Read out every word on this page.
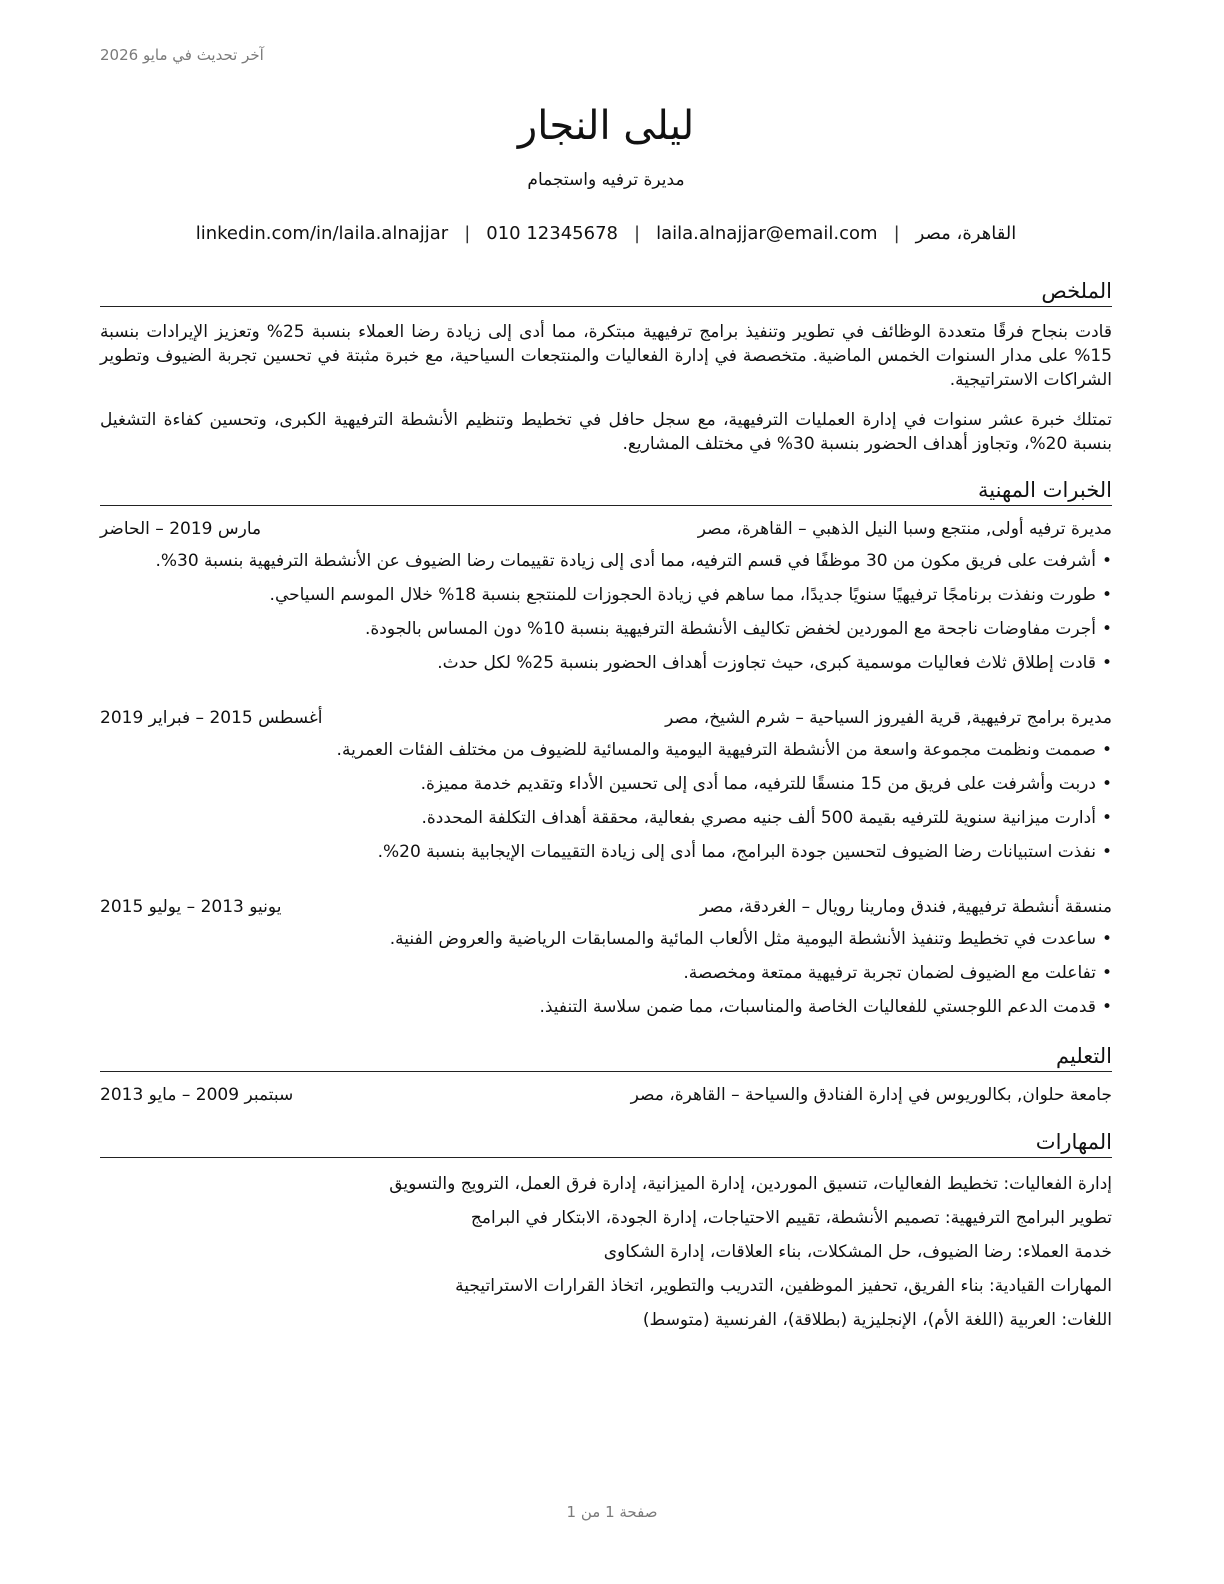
آخر تحديث في مايو 2026
ليلى النجار
مديرة ترفيه واستجمام
القاهرة، مصر|laila.alnajjar@email.com|010 12345678|linkedin.com/in/laila.alnajjar
الملخص
قادت بنجاح فرقًا متعددة الوظائف في تطوير وتنفيذ برامج ترفيهية مبتكرة، مما أدى إلى زيادة رضا العملاء بنسبة 25% وتعزيز الإيرادات بنسبة 15% على مدار السنوات الخمس الماضية. متخصصة في إدارة الفعاليات والمنتجعات السياحية، مع خبرة مثبتة في تحسين تجربة الضيوف وتطوير الشراكات الاستراتيجية.
تمتلك خبرة عشر سنوات في إدارة العمليات الترفيهية، مع سجل حافل في تخطيط وتنظيم الأنشطة الترفيهية الكبرى، وتحسين كفاءة التشغيل بنسبة 20%، وتجاوز أهداف الحضور بنسبة 30% في مختلف المشاريع.
الخبرات المهنية
مديرة ترفيه أولى, منتجع وسبا النيل الذهبي – القاهرة، مصر
مارس 2019 – الحاضر
•أشرفت على فريق مكون من 30 موظفًا في قسم الترفيه، مما أدى إلى زيادة تقييمات رضا الضيوف عن الأنشطة الترفيهية بنسبة 30%.
•طورت ونفذت برنامجًا ترفيهيًا سنويًا جديدًا، مما ساهم في زيادة الحجوزات للمنتجع بنسبة 18% خلال الموسم السياحي.
•أجرت مفاوضات ناجحة مع الموردين لخفض تكاليف الأنشطة الترفيهية بنسبة 10% دون المساس بالجودة.
•قادت إطلاق ثلاث فعاليات موسمية كبرى، حيث تجاوزت أهداف الحضور بنسبة 25% لكل حدث.
مديرة برامج ترفيهية, قرية الفيروز السياحية – شرم الشيخ، مصر
أغسطس 2015 – فبراير 2019
•صممت ونظمت مجموعة واسعة من الأنشطة الترفيهية اليومية والمسائية للضيوف من مختلف الفئات العمرية.
•دربت وأشرفت على فريق من 15 منسقًا للترفيه، مما أدى إلى تحسين الأداء وتقديم خدمة مميزة.
•أدارت ميزانية سنوية للترفيه بقيمة 500 ألف جنيه مصري بفعالية، محققة أهداف التكلفة المحددة.
•نفذت استبيانات رضا الضيوف لتحسين جودة البرامج، مما أدى إلى زيادة التقييمات الإيجابية بنسبة 20%.
منسقة أنشطة ترفيهية, فندق ومارينا رويال – الغردقة، مصر
يونيو 2013 – يوليو 2015
•ساعدت في تخطيط وتنفيذ الأنشطة اليومية مثل الألعاب المائية والمسابقات الرياضية والعروض الفنية.
•تفاعلت مع الضيوف لضمان تجربة ترفيهية ممتعة ومخصصة.
•قدمت الدعم اللوجستي للفعاليات الخاصة والمناسبات، مما ضمن سلاسة التنفيذ.
التعليم
جامعة حلوان, بكالوريوس في إدارة الفنادق والسياحة – القاهرة، مصر
سبتمبر 2009 – مايو 2013
المهارات
إدارة الفعاليات: تخطيط الفعاليات، تنسيق الموردين، إدارة الميزانية، إدارة فرق العمل، الترويج والتسويق
تطوير البرامج الترفيهية: تصميم الأنشطة، تقييم الاحتياجات، إدارة الجودة، الابتكار في البرامج
خدمة العملاء: رضا الضيوف، حل المشكلات، بناء العلاقات، إدارة الشكاوى
المهارات القيادية: بناء الفريق، تحفيز الموظفين، التدريب والتطوير، اتخاذ القرارات الاستراتيجية
اللغات: العربية (اللغة الأم)، الإنجليزية (بطلاقة)، الفرنسية (متوسط)
صفحة 1 من 1
